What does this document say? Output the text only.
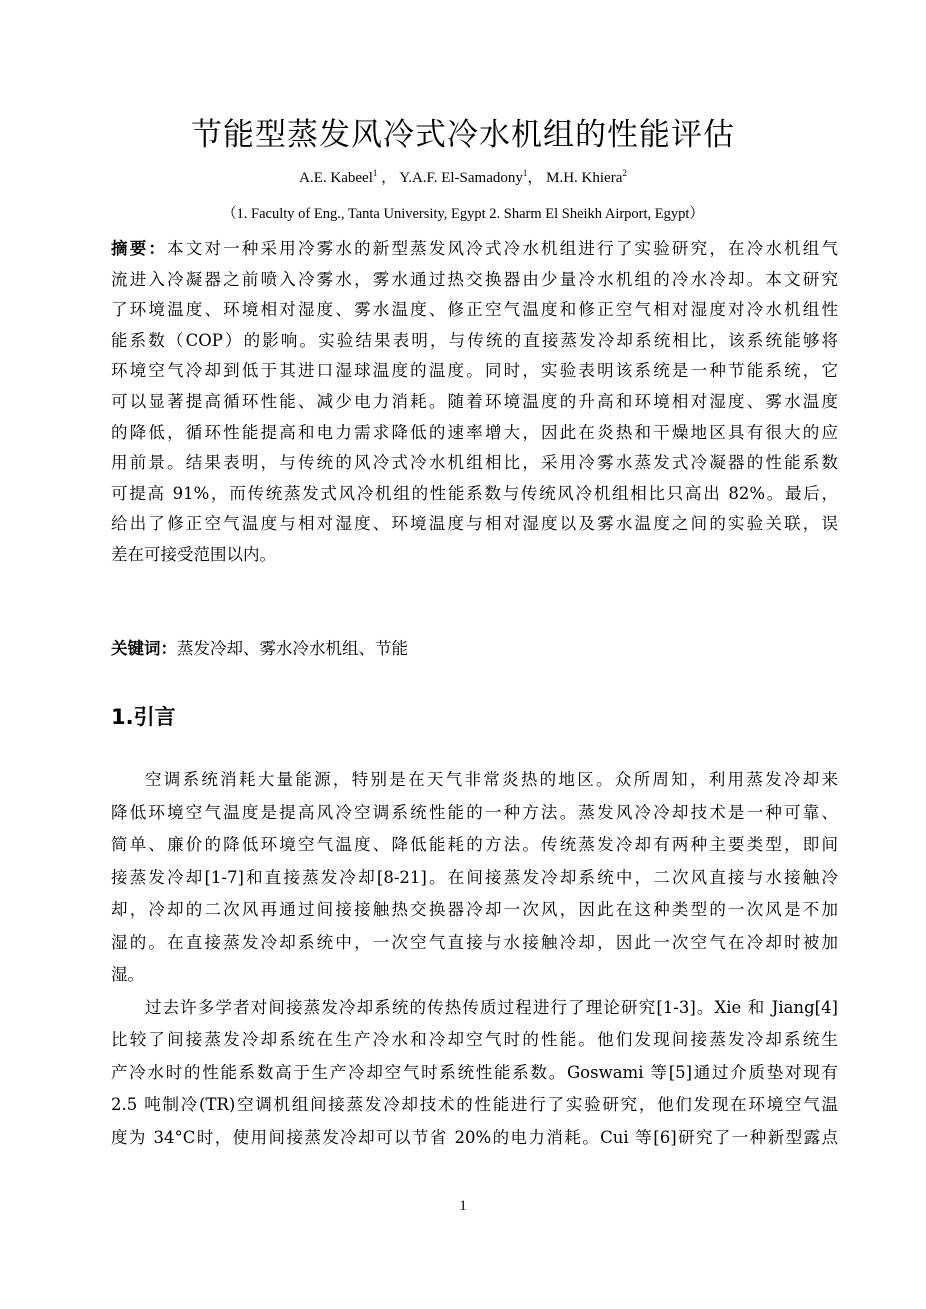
节能型蒸发风冷式冷水机组的性能评估
A.E. Kabeel$^1$ ， Y.A.F. El-Samadony$^1$， M.H. Khiera$^2$
（1. Faculty of Eng., Tanta University, Egypt 2. Sharm El Sheikh Airport, Egypt）
摘要：本文对一种采用冷雾水的新型蒸发风冷式冷水机组进行了实验研究，在冷水机组气
流进入冷凝器之前喷入冷雾水，雾水通过热交换器由少量冷水机组的冷水冷却。本文研究
了环境温度、环境相对湿度、雾水温度、修正空气温度和修正空气相对湿度对冷水机组性
能系数（COP）的影响。实验结果表明，与传统的直接蒸发冷却系统相比，该系统能够将
环境空气冷却到低于其进口湿球温度的温度。同时，实验表明该系统是一种节能系统，它
可以显著提高循环性能、减少电力消耗。随着环境温度的升高和环境相对湿度、雾水温度
的降低，循环性能提高和电力需求降低的速率增大，因此在炎热和干燥地区具有很大的应
用前景。结果表明，与传统的风冷式冷水机组相比，采用冷雾水蒸发式冷凝器的性能系数
可提高 91%，而传统蒸发式风冷机组的性能系数与传统风冷机组相比只高出 82%。最后，
给出了修正空气温度与相对湿度、环境温度与相对湿度以及雾水温度之间的实验关联，误
差在可接受范围以内。
关键词：蒸发冷却、雾水冷水机组、节能
1.引言
空调系统消耗大量能源，特别是在天气非常炎热的地区。众所周知，利用蒸发冷却来
降低环境空气温度是提高风冷空调系统性能的一种方法。蒸发风冷冷却技术是一种可靠、
简单、廉价的降低环境空气温度、降低能耗的方法。传统蒸发冷却有两种主要类型，即间
接蒸发冷却[1-7]和直接蒸发冷却[8-21]。在间接蒸发冷却系统中，二次风直接与水接触冷
却，冷却的二次风再通过间接接触热交换器冷却一次风，因此在这种类型的一次风是不加
湿的。在直接蒸发冷却系统中，一次空气直接与水接触冷却，因此一次空气在冷却时被加
湿。
过去许多学者对间接蒸发冷却系统的传热传质过程进行了理论研究[1-3]。Xie 和 Jiang[4]
比较了间接蒸发冷却系统在生产冷水和冷却空气时的性能。他们发现间接蒸发冷却系统生
产冷水时的性能系数高于生产冷却空气时系统性能系数。Goswami 等[5]通过介质垫对现有
2.5 吨制冷(TR)空调机组间接蒸发冷却技术的性能进行了实验研究，他们发现在环境空气温
度为 34°C时，使用间接蒸发冷却可以节省 20%的电力消耗。Cui 等[6]研究了一种新型露点
1
